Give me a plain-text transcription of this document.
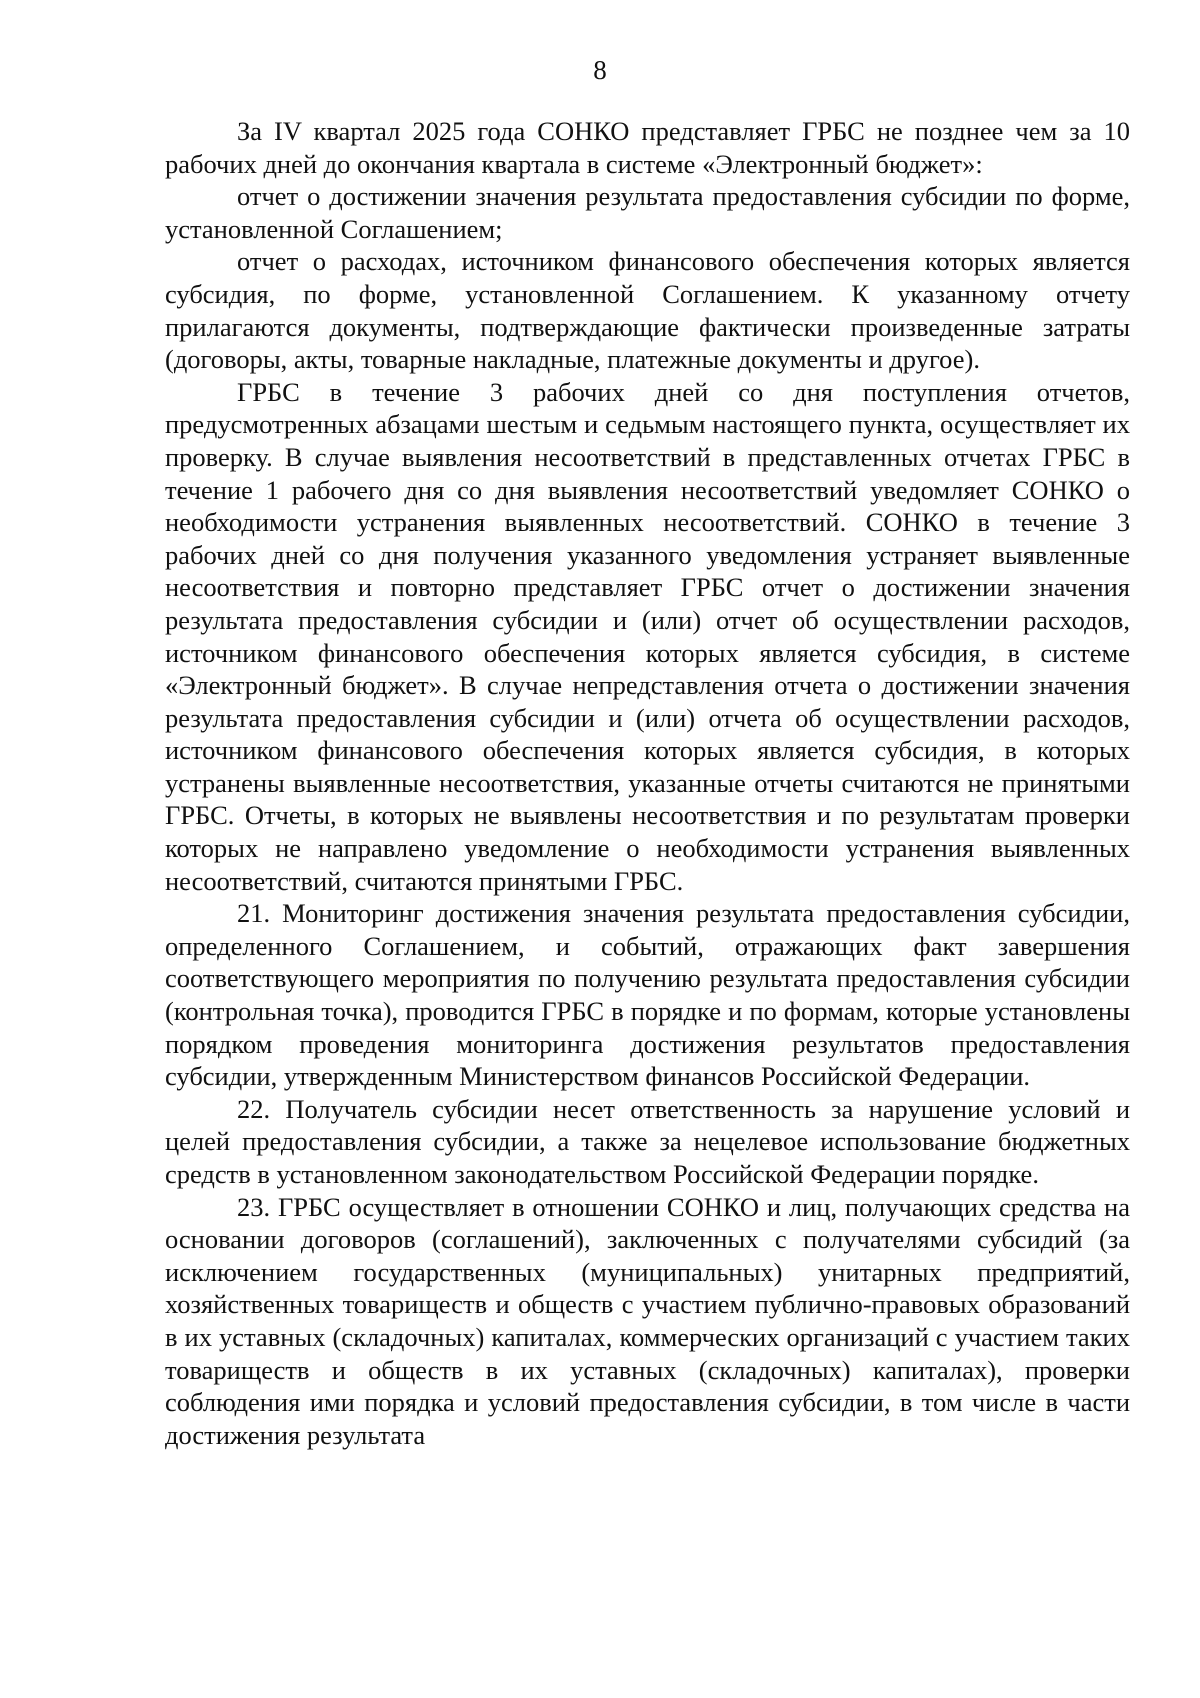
8

За IV квартал 2025 года СОНКО представляет ГРБС не позднее чем за 10 рабочих дней до окончания квартала в системе «Электронный бюджет»:

отчет о достижении значения результата предоставления субсидии по форме, установленной Соглашением;

отчет о расходах, источником финансового обеспечения которых является субсидия, по форме, установленной Соглашением. К указанному отчету прилагаются документы, подтверждающие фактически произведенные затраты (договоры, акты, товарные накладные, платежные документы и другое).

ГРБС в течение 3 рабочих дней со дня поступления отчетов, предусмотренных абзацами шестым и седьмым настоящего пункта, осуществляет их проверку. В случае выявления несоответствий в представленных отчетах ГРБС в течение 1 рабочего дня со дня выявления несоответствий уведомляет СОНКО о необходимости устранения выявленных несоответствий. СОНКО в течение 3 рабочих дней со дня получения указанного уведомления устраняет выявленные несоответствия и повторно представляет ГРБС отчет о достижении значения результата предоставления субсидии и (или) отчет об осуществлении расходов, источником финансового обеспечения которых является субсидия, в системе «Электронный бюджет». В случае непредставления отчета о достижении значения результата предоставления субсидии и (или) отчета об осуществлении расходов, источником финансового обеспечения которых является субсидия, в которых устранены выявленные несоответствия, указанные отчеты считаются не принятыми ГРБС. Отчеты, в которых не выявлены несоответствия и по результатам проверки которых не направлено уведомление о необходимости устранения выявленных несоответствий, считаются принятыми ГРБС.

21. Мониторинг достижения значения результата предоставления субсидии, определенного Соглашением, и событий, отражающих факт завершения соответствующего мероприятия по получению результата предоставления субсидии (контрольная точка), проводится ГРБС в порядке и по формам, которые установлены порядком проведения мониторинга достижения результатов предоставления субсидии, утвержденным Министерством финансов Российской Федерации.

22. Получатель субсидии несет ответственность за нарушение условий и целей предоставления субсидии, а также за нецелевое использование бюджетных средств в установленном законодательством Российской Федерации порядке.

23. ГРБС осуществляет в отношении СОНКО и лиц, получающих средства на основании договоров (соглашений), заключенных с получателями субсидий (за исключением государственных (муниципальных) унитарных предприятий, хозяйственных товариществ и обществ с участием публично-правовых образований в их уставных (складочных) капиталах, коммерческих организаций с участием таких товариществ и обществ в их уставных (складочных) капиталах), проверки соблюдения ими порядка и условий предоставления субсидии, в том числе в части достижения результата
